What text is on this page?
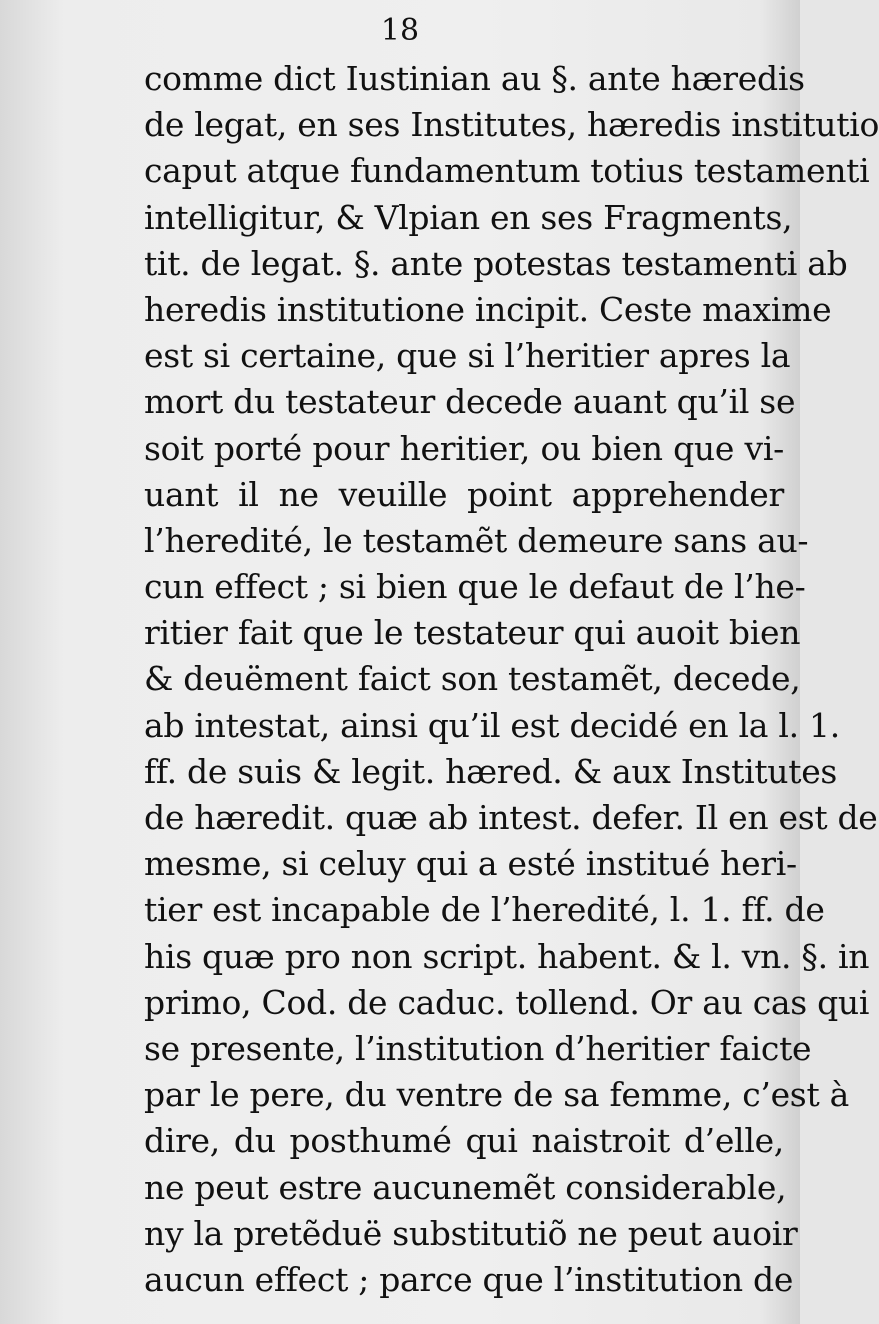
18
comme dict Iustinian au §. ante hæredis
de legat, en ses Institutes, hæredis institutio
caput atque fundamentum totius testamenti
intelligitur, & Vlpian en ses Fragments,
tit. de legat. §. ante potestas testamenti ab
heredis institutione incipit. Ceste maxime
est si certaine, que si l’heritier apres la
mort du testateur decede auant qu’il se
soit porté pour heritier, ou bien que vi-
uant il ne veuille point apprehender
l’heredité, le testamẽt demeure sans au-
cun effect ; si bien que le defaut de l’he-
ritier fait que le testateur qui auoit bien
& deuëment faict son testamẽt, decede,
ab intestat, ainsi qu’il est decidé en la l. 1.
ff. de suis & legit. hæred. & aux Institutes
de hæredit. quæ ab intest. defer. Il en est de
mesme, si celuy qui a esté institué heri-
tier est incapable de l’heredité, l. 1. ff. de
his quæ pro non script. habent. & l. vn. §. in
primo, Cod. de caduc. tollend. Or au cas qui
se presente, l’institution d’heritier faicte
par le pere, du ventre de sa femme, c’est à
dire, du posthumé qui naistroit d’elle,
ne peut estre aucunemẽt considerable,
ny la pretẽduë substitutiõ ne peut auoir
aucun effect ; parce que l’institution de
